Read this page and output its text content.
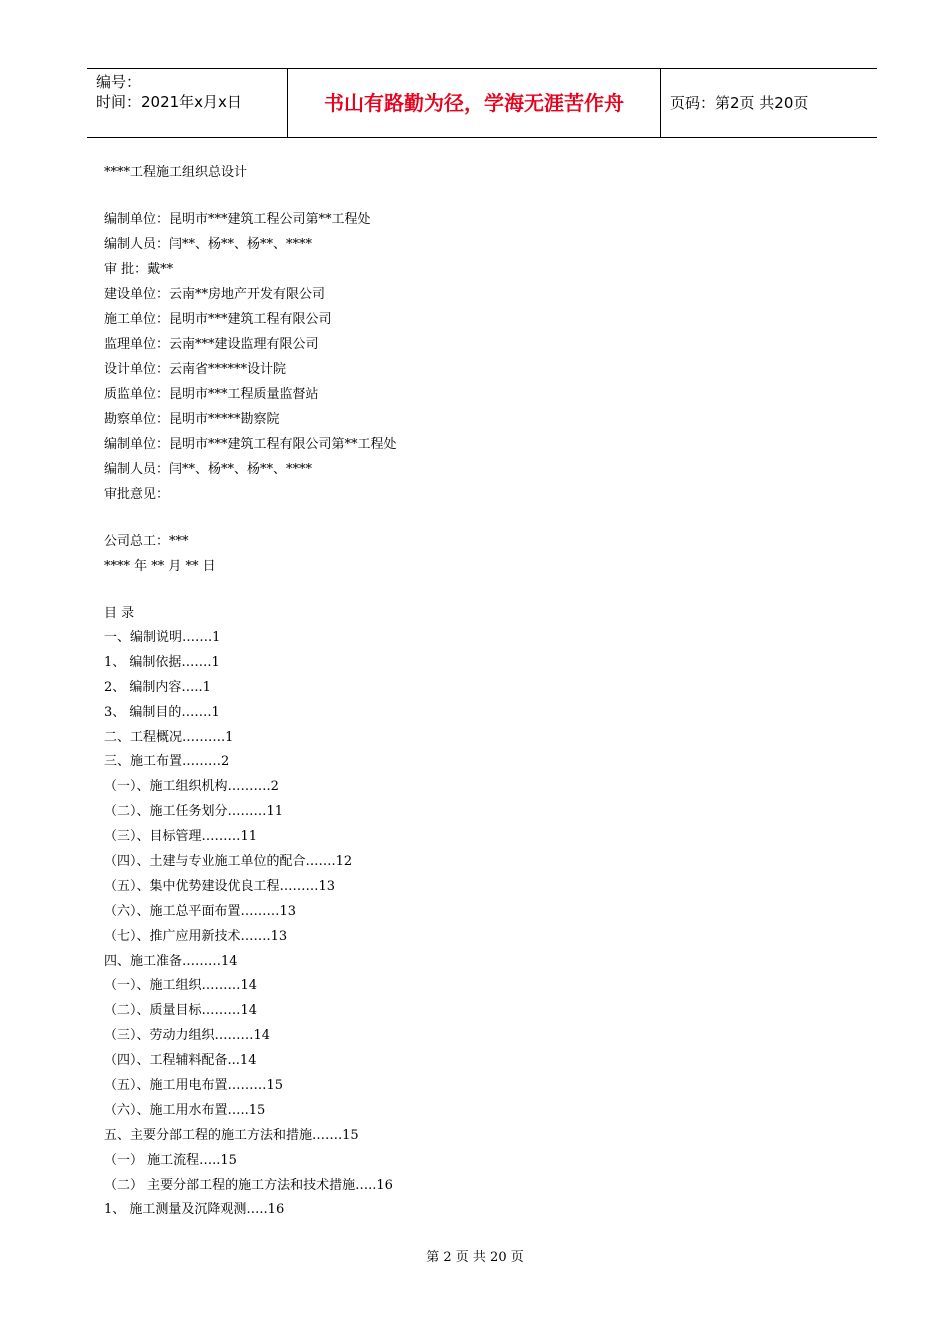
编号：
时间：2021年x月x日	书山有路勤为径，学海无涯苦作舟	页码：第2页 共20页
****工程施工组织总设计
编制单位：昆明市***建筑工程公司第**工程处
编制人员：闫**、杨**、杨**、****
审 批：戴**
建设单位：云南**房地产开发有限公司
施工单位：昆明市***建筑工程有限公司
监理单位：云南***建设监理有限公司
设计单位：云南省******设计院
质监单位：昆明市***工程质量监督站
勘察单位：昆明市*****勘察院
编制单位：昆明市***建筑工程有限公司第**工程处
编制人员：闫**、杨**、杨**、****
审批意见：
公司总工：***
**** 年 ** 月 ** 日
目 录
一、编制说明…….1
1、 编制依据…….1
2、 编制内容…..1
3、 编制目的…….1
二、工程概况……….1
三、施工布置………2
（一）、施工组织机构……….2
（二）、施工任务划分………11
（三）、目标管理………11
（四）、土建与专业施工单位的配合…….12
（五）、集中优势建设优良工程………13
（六）、施工总平面布置………13
（七）、推广应用新技术…….13
四、施工准备………14
（一）、施工组织………14
（二）、质量目标………14
（三）、劳动力组织………14
（四）、工程辅料配备...14
（五）、施工用电布置………15
（六）、施工用水布置…..15
五、主要分部工程的施工方法和措施…….15
（一） 施工流程…..15
（二） 主要分部工程的施工方法和技术措施…..16
1、 施工测量及沉降观测…..16
第 2 页 共 20 页
